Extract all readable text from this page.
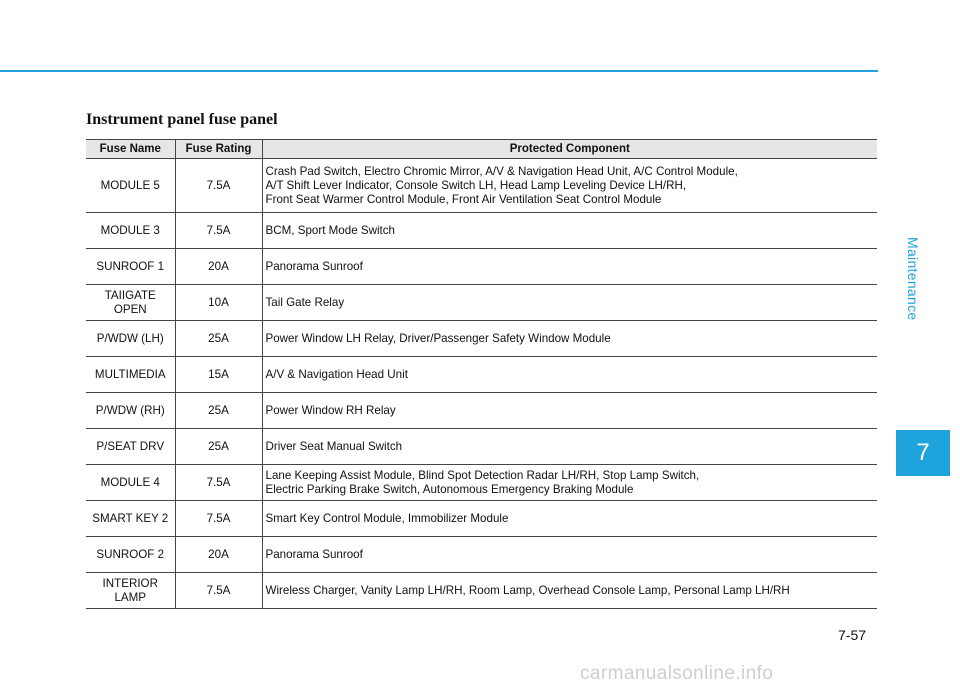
Instrument panel fuse panel
Maintenance
7
Fuse Name	Fuse Rating	Protected Component
MODULE 5	7.5A	Crash Pad Switch, Electro Chromic Mirror, A/V & Navigation Head Unit, A/C Control Module,
A/T Shift Lever Indicator, Console Switch LH, Head Lamp Leveling Device LH/RH,
Front Seat Warmer Control Module, Front Air Ventilation Seat Control Module
MODULE 3	7.5A	BCM, Sport Mode Switch
SUNROOF 1	20A	Panorama Sunroof
TAIIGATE
OPEN	10A	Tail Gate Relay
P/WDW (LH)	25A	Power Window LH Relay, Driver/Passenger Safety Window Module
MULTIMEDIA	15A	A/V & Navigation Head Unit
P/WDW (RH)	25A	Power Window RH Relay
P/SEAT DRV	25A	Driver Seat Manual Switch
MODULE 4	7.5A	Lane Keeping Assist Module, Blind Spot Detection Radar LH/RH, Stop Lamp Switch,
Electric Parking Brake Switch, Autonomous Emergency Braking Module
SMART KEY 2	7.5A	Smart Key Control Module, Immobilizer Module
SUNROOF 2	20A	Panorama Sunroof
INTERIOR
LAMP	7.5A	Wireless Charger, Vanity Lamp LH/RH, Room Lamp, Overhead Console Lamp, Personal Lamp LH/RH
7-57
carmanualsonline.info
